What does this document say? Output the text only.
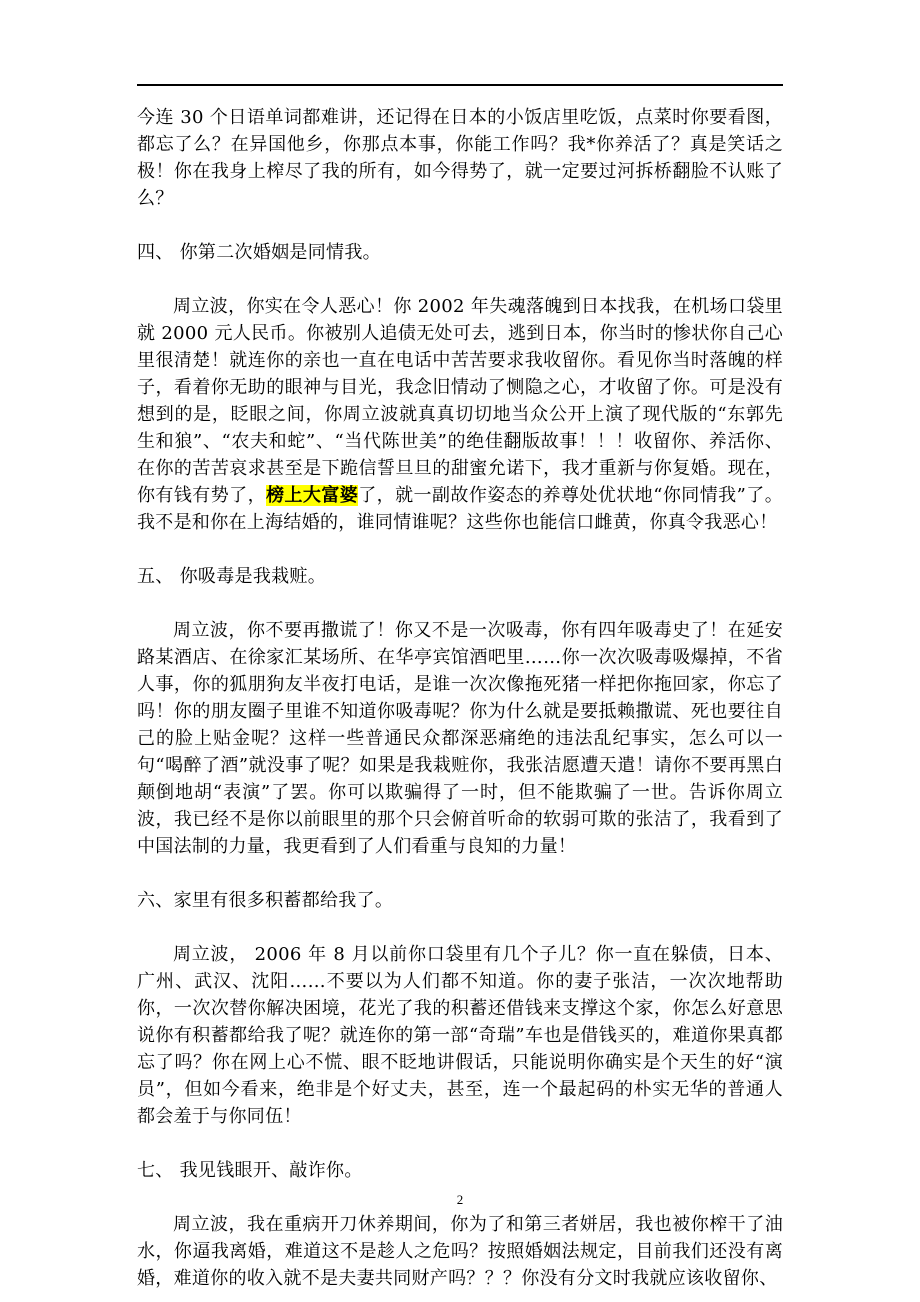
今连 30 个日语单词都难讲，还记得在日本的小饭店里吃饭，点菜时你要看图，都忘了么？在异国他乡，你那点本事，你能工作吗？我*你养活了？真是笑话之极！你在我身上榨尽了我的所有，如今得势了，就一定要过河拆桥翻脸不认账了么？

四、 你第二次婚姻是同情我。

周立波，你实在令人恶心！你 2002 年失魂落魄到日本找我，在机场口袋里就 2000 元人民币。你被别人追债无处可去，逃到日本，你当时的惨状你自己心里很清楚！就连你的亲也一直在电话中苦苦要求我收留你。看见你当时落魄的样子，看着你无助的眼神与目光，我念旧情动了恻隐之心，才收留了你。可是没有想到的是，眨眼之间，你周立波就真真切切地当众公开上演了现代版的“东郭先生和狼”、“农夫和蛇”、“当代陈世美”的绝佳翻版故事！！！收留你、养活你、在你的苦苦哀求甚至是下跪信誓旦旦的甜蜜允诺下，我才重新与你复婚。现在，你有钱有势了，榜上大富婆了，就一副故作姿态的养尊处优状地“你同情我”了。我不是和你在上海结婚的，谁同情谁呢？这些你也能信口雌黄，你真令我恶心！

五、 你吸毒是我栽赃。

周立波，你不要再撒谎了！你又不是一次吸毒，你有四年吸毒史了！在延安路某酒店、在徐家汇某场所、在华亭宾馆酒吧里……你一次次吸毒吸爆掉，不省人事，你的狐朋狗友半夜打电话，是谁一次次像拖死猪一样把你拖回家，你忘了吗！你的朋友圈子里谁不知道你吸毒呢？你为什么就是要抵赖撒谎、死也要往自己的脸上贴金呢？这样一些普通民众都深恶痛绝的违法乱纪事实，怎么可以一句“喝醉了酒”就没事了呢？如果是我栽赃你，我张洁愿遭天遣！请你不要再黑白颠倒地胡“表演”了罢。你可以欺骗得了一时，但不能欺骗了一世。告诉你周立波，我已经不是你以前眼里的那个只会俯首听命的软弱可欺的张洁了，我看到了中国法制的力量，我更看到了人们看重与良知的力量！

六、家里有很多积蓄都给我了。

周立波， 2006 年 8 月以前你口袋里有几个子儿？你一直在躲债，日本、广州、武汉、沈阳……不要以为人们都不知道。你的妻子张洁，一次次地帮助你，一次次替你解决困境，花光了我的积蓄还借钱来支撑这个家，你怎么好意思说你有积蓄都给我了呢？就连你的第一部“奇瑞”车也是借钱买的，难道你果真都忘了吗？你在网上心不慌、眼不眨地讲假话，只能说明你确实是个天生的好“演员”，但如今看来，绝非是个好丈夫，甚至，连一个最起码的朴实无华的普通人都会羞于与你同伍！

七、 我见钱眼开、敲诈你。

周立波，我在重病开刀休养期间，你为了和第三者姘居，我也被你榨干了油水，你逼我离婚，难道这不是趁人之危吗？按照婚姻法规定，目前我们还没有离婚，难道你的收入就不是夫妻共同财产吗？？？你没有分文时我就应该收留你、

2
